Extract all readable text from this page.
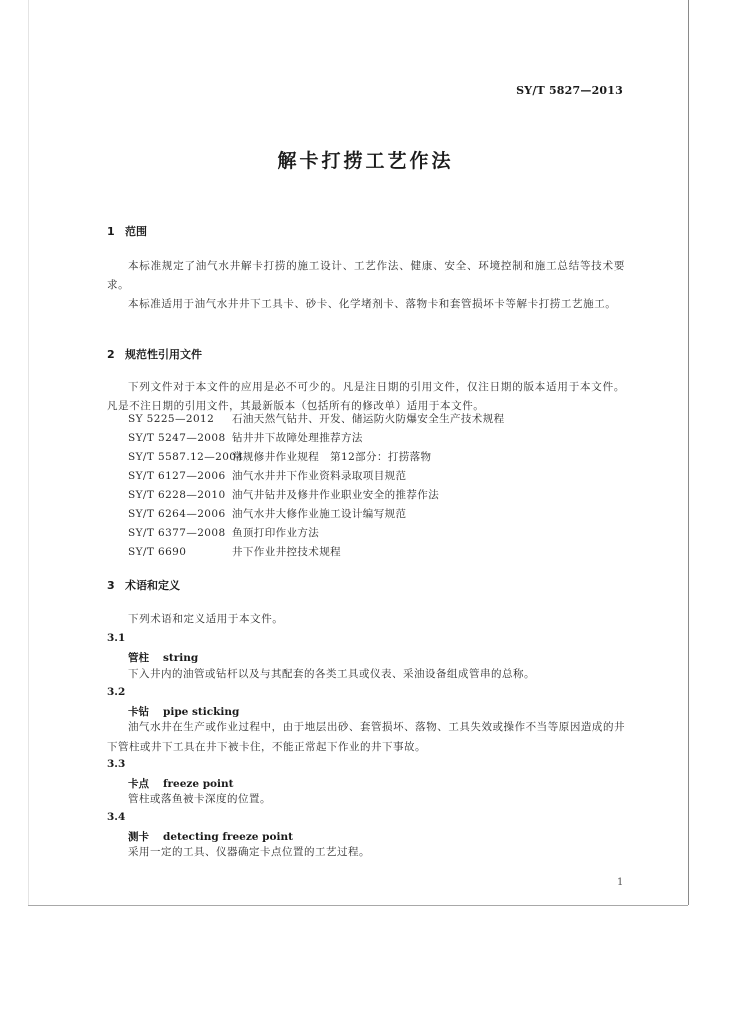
SY/T 5827—2013
解卡打捞工艺作法
1 范围
本标准规定了油气水井解卡打捞的施工设计、工艺作法、健康、安全、环境控制和施工总结等技术要求。
本标准适用于油气水井井下工具卡、砂卡、化学堵剂卡、落物卡和套管损坏卡等解卡打捞工艺施工。
2 规范性引用文件
下列文件对于本文件的应用是必不可少的。凡是注日期的引用文件，仅注日期的版本适用于本文件。凡是不注日期的引用文件，其最新版本（包括所有的修改单）适用于本文件。
SY 5225—2012 石油天然气钻井、开发、储运防火防爆安全生产技术规程
SY/T 5247—2008 钻井井下故障处理推荐方法
SY/T 5587.12—2004常规修井作业规程　第12部分：打捞落物
SY/T 6127—2006 油气水井井下作业资料录取项目规范
SY/T 6228—2010 油气井钻井及修井作业职业安全的推荐作法
SY/T 6264—2006 油气水井大修作业施工设计编写规范
SY/T 6377—2008 鱼顶打印作业方法
SY/T 6690	井下作业井控技术规程
3 术语和定义
下列术语和定义适用于本文件。
3.1
管柱 string
下入井内的油管或钻杆以及与其配套的各类工具或仪表、采油设备组成管串的总称。
3.2
卡钻 pipe sticking
油气水井在生产或作业过程中，由于地层出砂、套管损坏、落物、工具失效或操作不当等原因造成的井下管柱或井下工具在井下被卡住，不能正常起下作业的井下事故。
3.3
卡点 freeze point
管柱或落鱼被卡深度的位置。
3.4
测卡 detecting freeze point
采用一定的工具、仪器确定卡点位置的工艺过程。
1
